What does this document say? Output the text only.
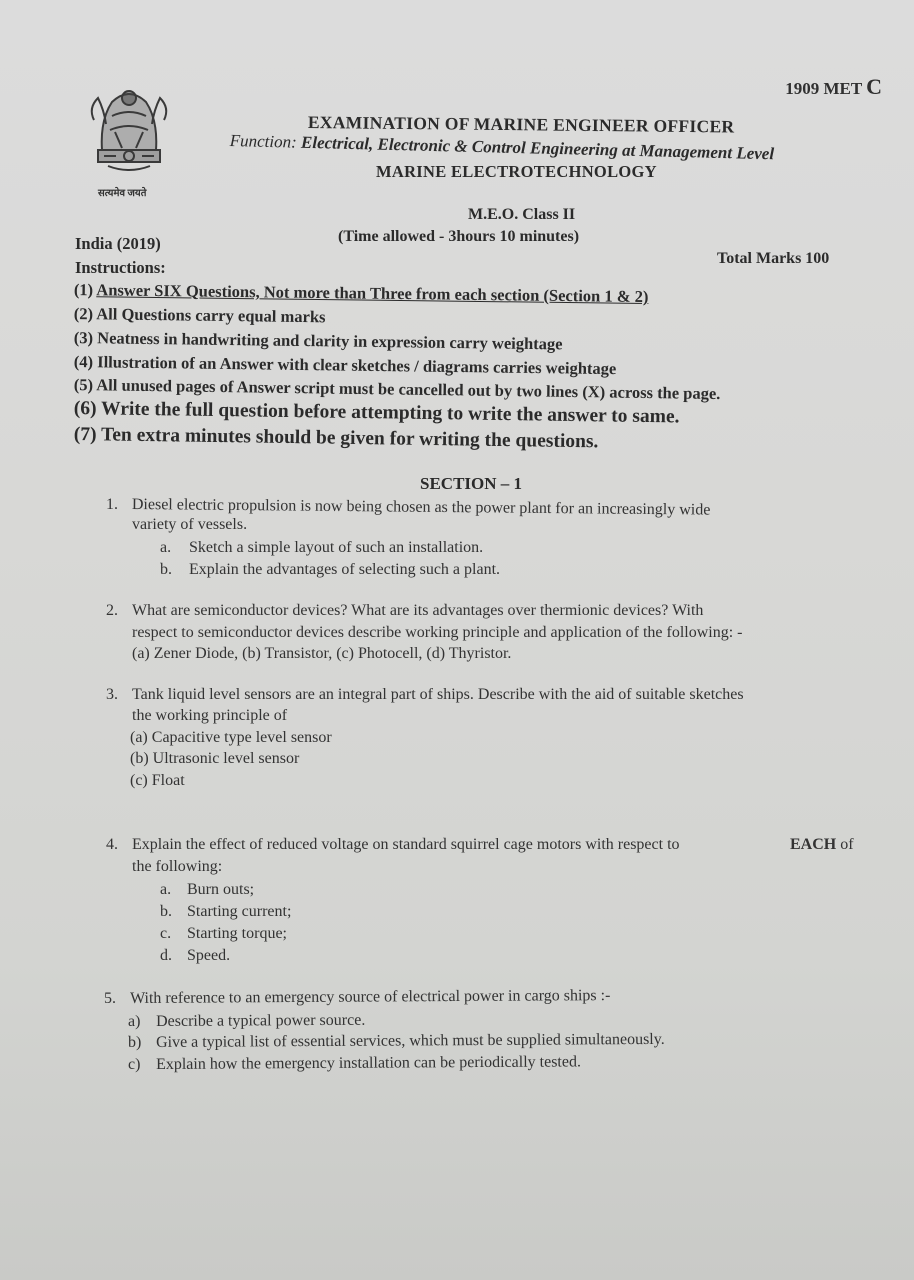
1909 MET C
सत्यमेव जयते
EXAMINATION OF MARINE ENGINEER OFFICER
Function: Electrical, Electronic & Control Engineering at Management Level
MARINE ELECTROTECHNOLOGY
M.E.O. Class II
(Time allowed - 3hours 10 minutes)
India (2019)
Instructions:	Total Marks 100
(1) Answer SIX Questions, Not more than Three from each section (Section 1 & 2)
(2) All Questions carry equal marks
(3) Neatness in handwriting and clarity in expression carry weightage
(4) Illustration of an Answer with clear sketches / diagrams carries weightage
(5) All unused pages of Answer script must be cancelled out by two lines (X) across the page.
(6) Write the full question before attempting to write the answer to same.
(7) Ten extra minutes should be given for writing the questions.
SECTION – 1
1. Diesel electric propulsion is now being chosen as the power plant for an increasingly wide
variety of vessels.
a. Sketch a simple layout of such an installation.
b. Explain the advantages of selecting such a plant.
2. What are semiconductor devices? What are its advantages over thermionic devices? With
respect to semiconductor devices describe working principle and application of the following: -
(a) Zener Diode, (b) Transistor, (c) Photocell, (d) Thyristor.
3. Tank liquid level sensors are an integral part of ships. Describe with the aid of suitable sketches
the working principle of
(a) Capacitive type level sensor
(b) Ultrasonic level sensor
(c) Float
4. Explain the effect of reduced voltage on standard squirrel cage motors with respect to	EACH of
the following:
a. Burn outs;
b. Starting current;
c. Starting torque;
d. Speed.
5. With reference to an emergency source of electrical power in cargo ships :-
a) Describe a typical power source.
b) Give a typical list of essential services, which must be supplied simultaneously.
c) Explain how the emergency installation can be periodically tested.
